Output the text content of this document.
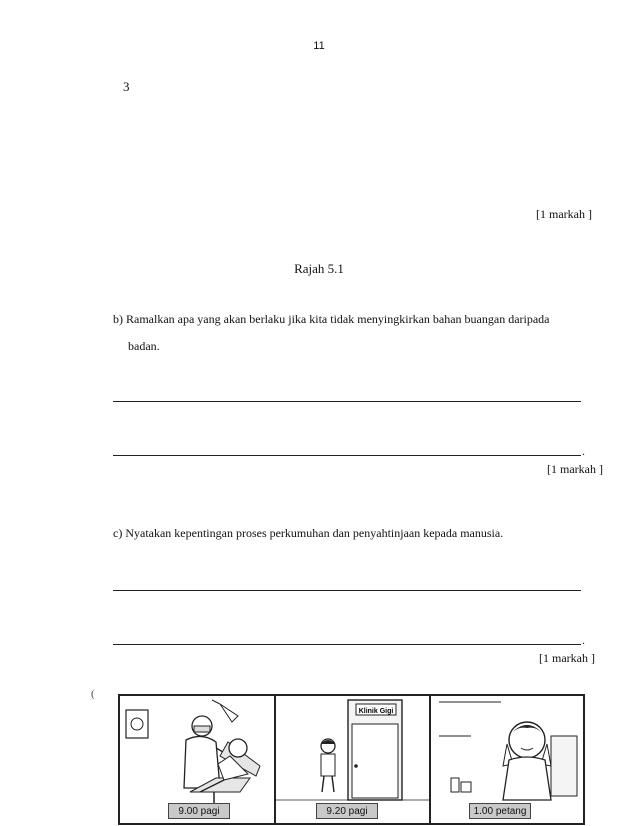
11
3
[1 markah ]
Rajah 5.1
b) Ramalkan apa yang akan berlaku jika kita tidak menyingkirkan bahan buangan daripada
badan.
.
[1 markah ]
c) Nyatakan kepentingan proses perkumuhan dan penyahtinjaan kepada manusia.
.
[1 markah ]
(
9.00 pagi
Klinik Gigi
9.20 pagi	1.00 petang
